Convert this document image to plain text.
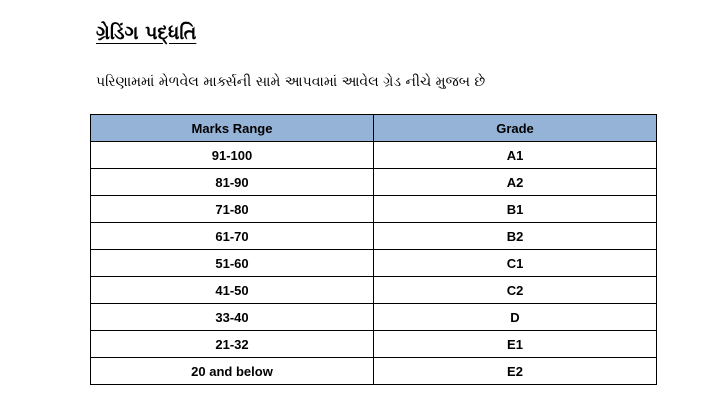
ગ્રેડિંગ પદ્ધતિ
પરિણામમાં મેળવેલ માર્ક્સની સામે આપવામાં આવેલ ગ્રેડ નીચે મુજબ છે
Marks Range	Grade
91-100	A1
81-90	A2
71-80	B1
61-70	B2
51-60	C1
41-50	C2
33-40	D
21-32	E1
20 and below	E2
